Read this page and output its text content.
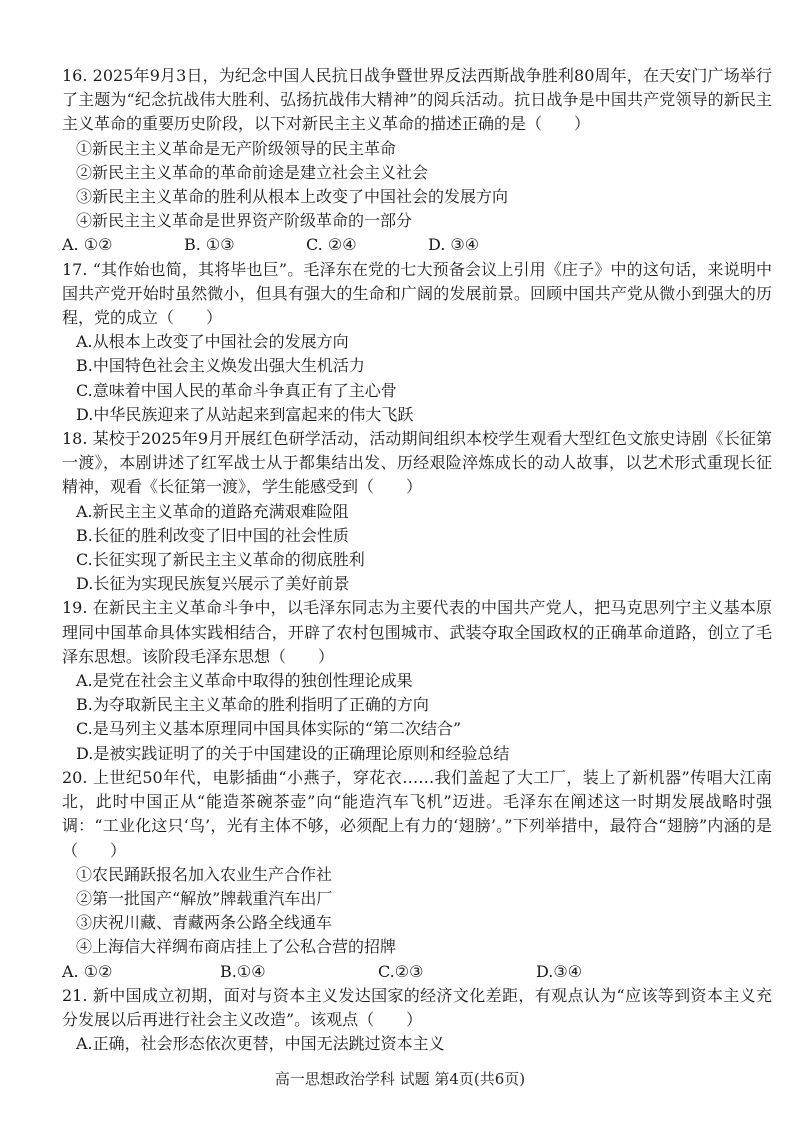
16. 2025年9月3日，为纪念中国人民抗日战争暨世界反法西斯战争胜利80周年，在天安门广场举行了主题为“纪念抗战伟大胜利、弘扬抗战伟大精神”的阅兵活动。抗日战争是中国共产党领导的新民主主义革命的重要历史阶段，以下对新民主主义革命的描述正确的是（　　）

①新民主主义革命是无产阶级领导的民主革命

②新民主主义革命的革命前途是建立社会主义社会

③新民主主义革命的胜利从根本上改变了中国社会的发展方向

④新民主主义革命是世界资产阶级革命的一部分

A. ①②	B. ①③	C. ②④	D. ③④

17. “其作始也简，其将毕也巨”。毛泽东在党的七大预备会议上引用《庄子》中的这句话，来说明中国共产党开始时虽然微小，但具有强大的生命和广阔的发展前景。回顾中国共产党从微小到强大的历程，党的成立（　　）

A.从根本上改变了中国社会的发展方向

B.中国特色社会主义焕发出强大生机活力

C.意味着中国人民的革命斗争真正有了主心骨

D.中华民族迎来了从站起来到富起来的伟大飞跃

18. 某校于2025年9月开展红色研学活动，活动期间组织本校学生观看大型红色文旅史诗剧《长征第一渡》，本剧讲述了红军战士从于都集结出发、历经艰险淬炼成长的动人故事，以艺术形式重现长征精神，观看《长征第一渡》，学生能感受到（　　）

A.新民主主义革命的道路充满艰难险阻

B.长征的胜利改变了旧中国的社会性质

C.长征实现了新民主主义革命的彻底胜利

D.长征为实现民族复兴展示了美好前景

19. 在新民主主义革命斗争中，以毛泽东同志为主要代表的中国共产党人，把马克思列宁主义基本原理同中国革命具体实践相结合，开辟了农村包围城市、武装夺取全国政权的正确革命道路，创立了毛泽东思想。该阶段毛泽东思想（　　）

A.是党在社会主义革命中取得的独创性理论成果

B.为夺取新民主主义革命的胜利指明了正确的方向

C.是马列主义基本原理同中国具体实际的“第二次结合”

D.是被实践证明了的关于中国建设的正确理论原则和经验总结

20. 上世纪50年代，电影插曲“小燕子，穿花衣……我们盖起了大工厂，装上了新机器”传唱大江南北，此时中国正从“能造茶碗茶壶”向“能造汽车飞机”迈进。毛泽东在阐述这一时期发展战略时强调：“工业化这只‘鸟’，光有主体不够，必须配上有力的‘翅膀’。”下列举措中，最符合“翅膀”内涵的是（　　）

①农民踊跃报名加入农业生产合作社

②第一批国产“解放”牌载重汽车出厂

③庆祝川藏、青藏两条公路全线通车

④上海信大祥绸布商店挂上了公私合营的招牌

A. ①②	B.①④	C.②③	D.③④

21. 新中国成立初期，面对与资本主义发达国家的经济文化差距，有观点认为“应该等到资本主义充分发展以后再进行社会主义改造”。该观点（　　）

A.正确，社会形态依次更替，中国无法跳过资本主义

高一思想政治学科 试题 第4页(共6页)
